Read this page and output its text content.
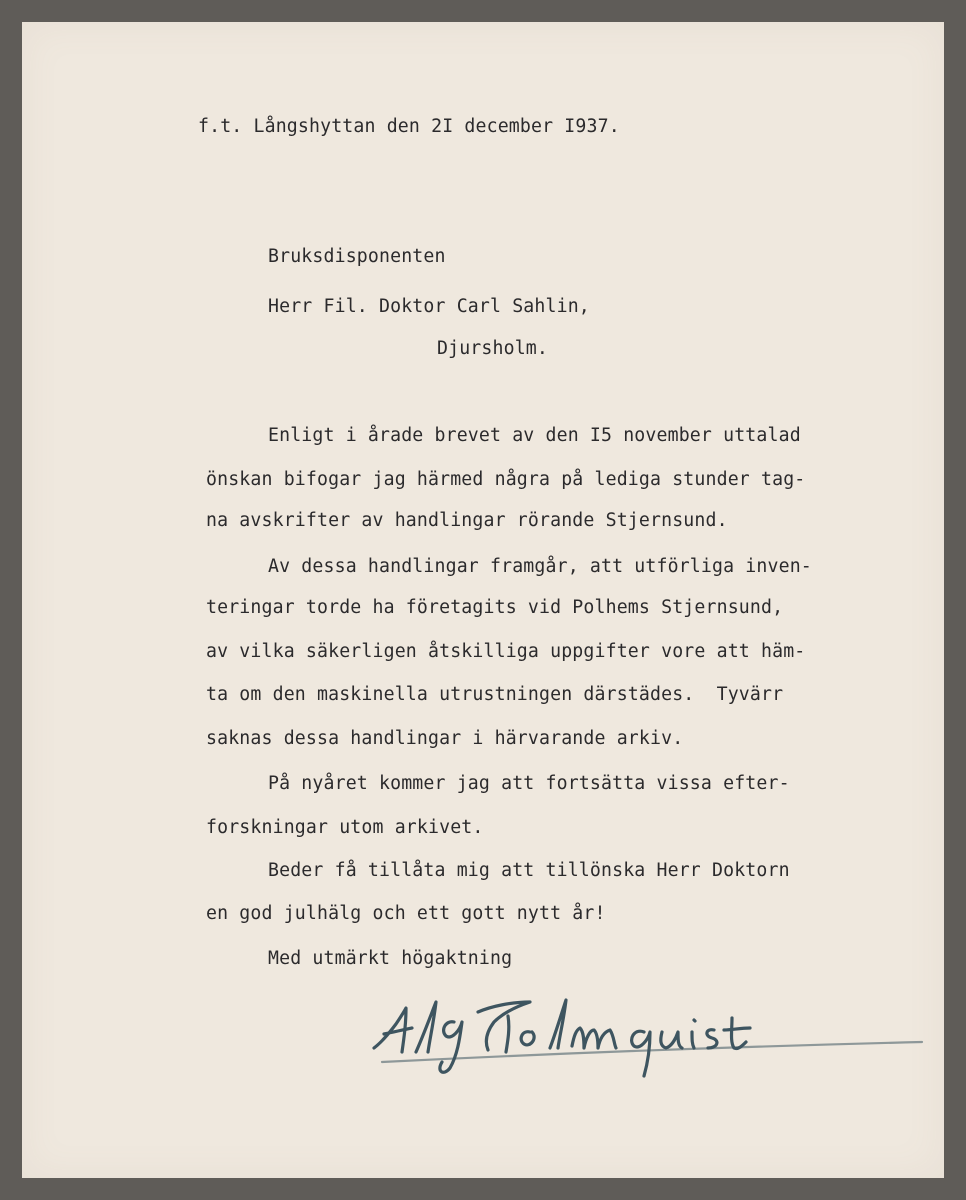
f.t. Långshyttan den 2I december I937.
Bruksdisponenten
Herr Fil. Doktor Carl Sahlin,
Djursholm.
Enligt i årade brevet av den I5 november uttalad
önskan bifogar jag härmed några på lediga stunder tag-
na avskrifter av handlingar rörande Stjernsund.
Av dessa handlingar framgår, att utförliga inven-
teringar torde ha företagits vid Polhems Stjernsund,
av vilka säkerligen åtskilliga uppgifter vore att häm-
ta om den maskinella utrustningen därstädes.  Tyvärr
saknas dessa handlingar i härvarande arkiv.
På nyåret kommer jag att fortsätta vissa efter-
forskningar utom arkivet.
Beder få tillåta mig att tillönska Herr Doktorn
en god julhälg och ett gott nytt år!
Med utmärkt högaktning
